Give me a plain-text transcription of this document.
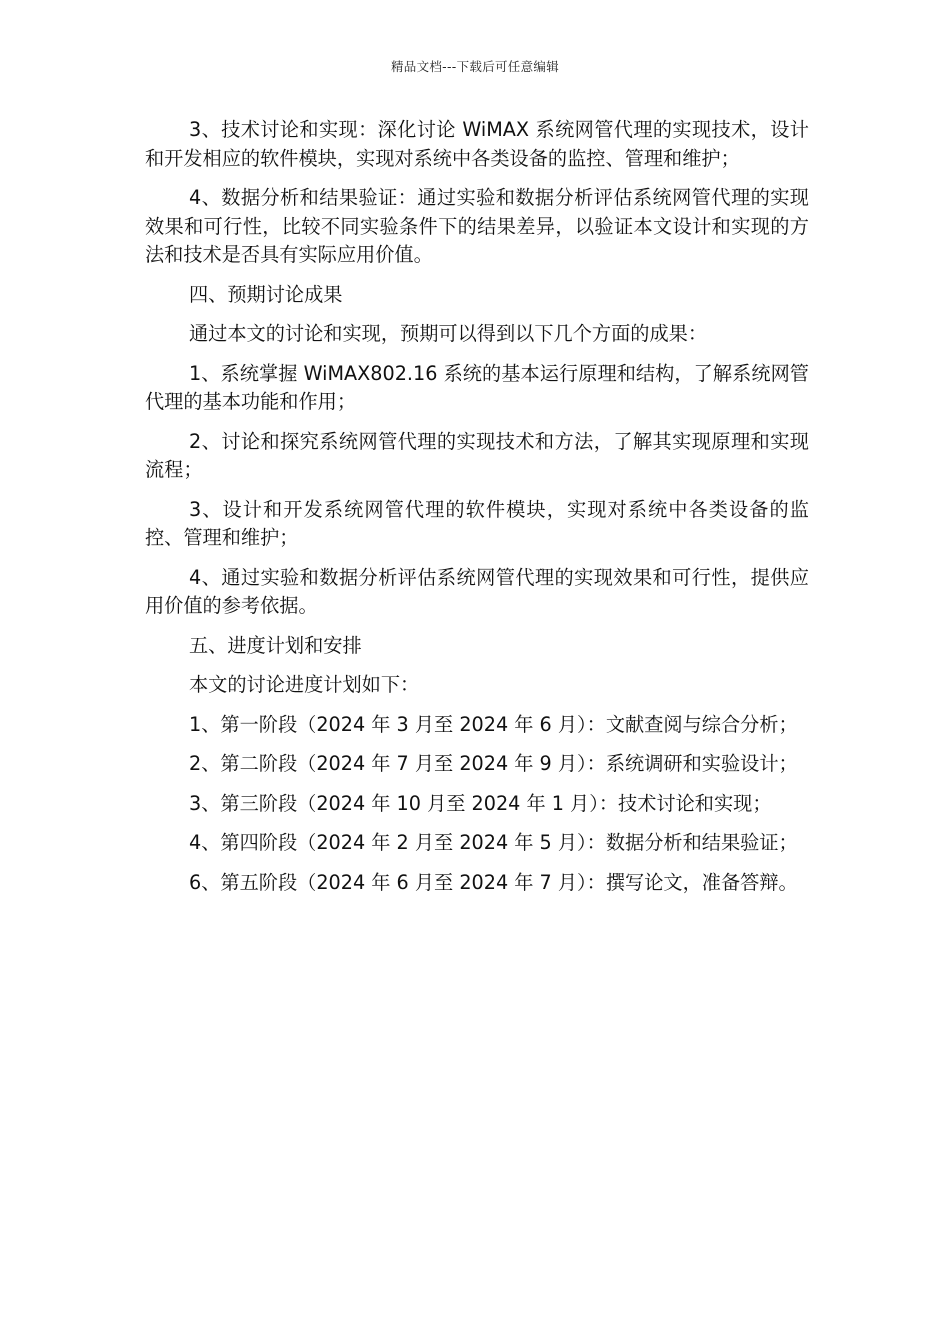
精品文档---下载后可任意编辑

3、技术讨论和实现：深化讨论 WiMAX 系统网管代理的实现技术，设计和开发相应的软件模块，实现对系统中各类设备的监控、管理和维护；

4、数据分析和结果验证：通过实验和数据分析评估系统网管代理的实现效果和可行性，比较不同实验条件下的结果差异，以验证本文设计和实现的方法和技术是否具有实际应用价值。

四、预期讨论成果

通过本文的讨论和实现，预期可以得到以下几个方面的成果：

1、系统掌握 WiMAX802.16 系统的基本运行原理和结构，了解系统网管代理的基本功能和作用；

2、讨论和探究系统网管代理的实现技术和方法，了解其实现原理和实现流程；

3、设计和开发系统网管代理的软件模块，实现对系统中各类设备的监控、管理和维护；

4、通过实验和数据分析评估系统网管代理的实现效果和可行性，提供应用价值的参考依据。

五、进度计划和安排

本文的讨论进度计划如下：

1、第一阶段（2024 年 3 月至 2024 年 6 月）：文献查阅与综合分析；

2、第二阶段（2024 年 7 月至 2024 年 9 月）：系统调研和实验设计；

3、第三阶段（2024 年 10 月至 2024 年 1 月）：技术讨论和实现；

4、第四阶段（2024 年 2 月至 2024 年 5 月）：数据分析和结果验证；

6、第五阶段（2024 年 6 月至 2024 年 7 月）：撰写论文，准备答辩。
